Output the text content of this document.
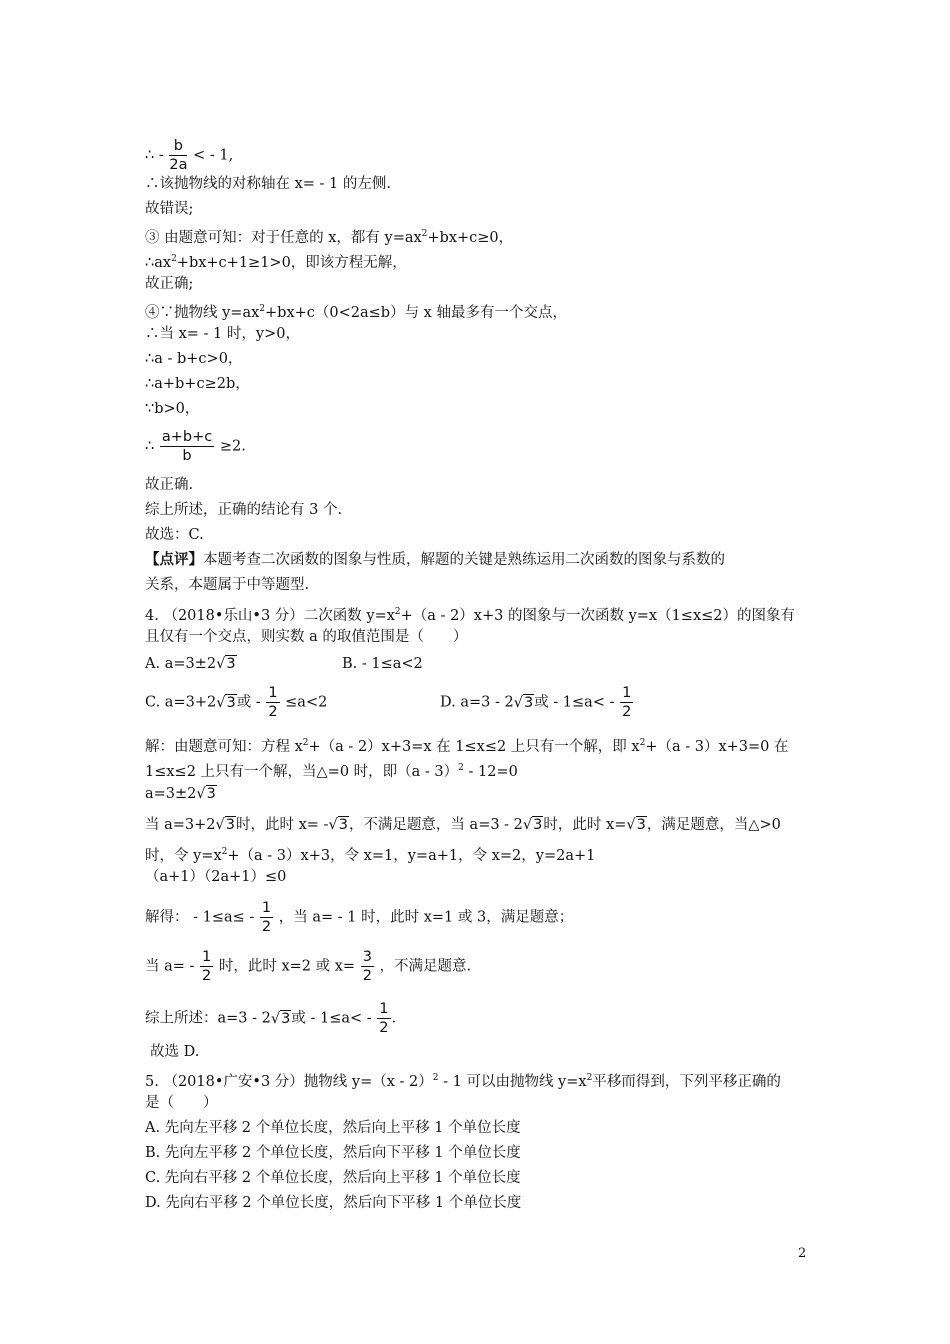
∴ - $\frac{b}{2a}$ < - 1,
∴该抛物线的对称轴在 x= - 1 的左侧.
故错误;
③ 由题意可知：对于任意的 x，都有 $y=ax^2+bx+c\ge 0$，
$\therefore ax^2+bx+c+1\ge 1>0$，即该方程无解，
故正确;
④∵抛物线 $y=ax^2+bx+c(0<2a\le b)$与 x 轴最多有一个交点，
∴当 x= - 1 时，y>0，
∴a - b+c>0，
∴a+b+c≥2b，
∵b>0，
∴ $\frac{a+b+c}{b} \ge 2$.
故正确.
综上所述，正确的结论有 3 个.
故选：C.
【点评】本题考查二次函数的图象与性质，解题的关键是熟练运用二次函数的图象与系数的
关系，本题属于中等题型.
4. （2018•乐山•3 分）二次函数 $y=x^2+(a - 2)x+3$ 的图象与一次函数 y=x（1≤x≤2）的图象有
且仅有一个交点，则实数 a 的取值范围是（　　）
A. a=3±2√3	B. - 1≤a<2
C. a=3+2√3或 - $\frac{1}{2} \le a<2$	D. a=3 - 2√3或 - $1\le a< - \frac{1}{2}$
解：由题意可知：方程 $x^2+(a - 2)x+3=x$ 在 1≤x≤2 上只有一个解，即 $x^2+(a - 3)x+3=0$ 在
1≤x≤2 上只有一个解，当△=0 时，即（a - 3）$^2$ - 12=0
a=3±2√3
当 a=3+2√3时，此时 x= -√3，不满足题意，当 a=3 - 2√3时，此时 x=√3，满足题意，当△>0
时，令 $y=x^2+(a - 3)x+3$，令 x=1，y=a+1，令 x=2，y=2a+1
（a+1）（2a+1）≤0
解得： - $1\le a\le - \frac{1}{2}$ ，当 a= - 1 时，此时 x=1 或 3，满足题意；
当 $a= - \frac{1}{2}$ 时，此时 x=2 或 $x= \frac{3}{2}$ ，不满足题意.
综上所述：a=3 - 2√3或 - $1\le a< - \frac{1}{2}$ .
故选 D.
5. （2018•广安•3 分）抛物线 y=（x - 2）$^2$ - 1 可以由抛物线 $y=x^2$平移而得到，下列平移正确的
是（　　）
A. 先向左平移 2 个单位长度，然后向上平移 1 个单位长度
B. 先向左平移 2 个单位长度，然后向下平移 1 个单位长度
C. 先向右平移 2 个单位长度，然后向上平移 1 个单位长度
D. 先向右平移 2 个单位长度，然后向下平移 1 个单位长度
2
